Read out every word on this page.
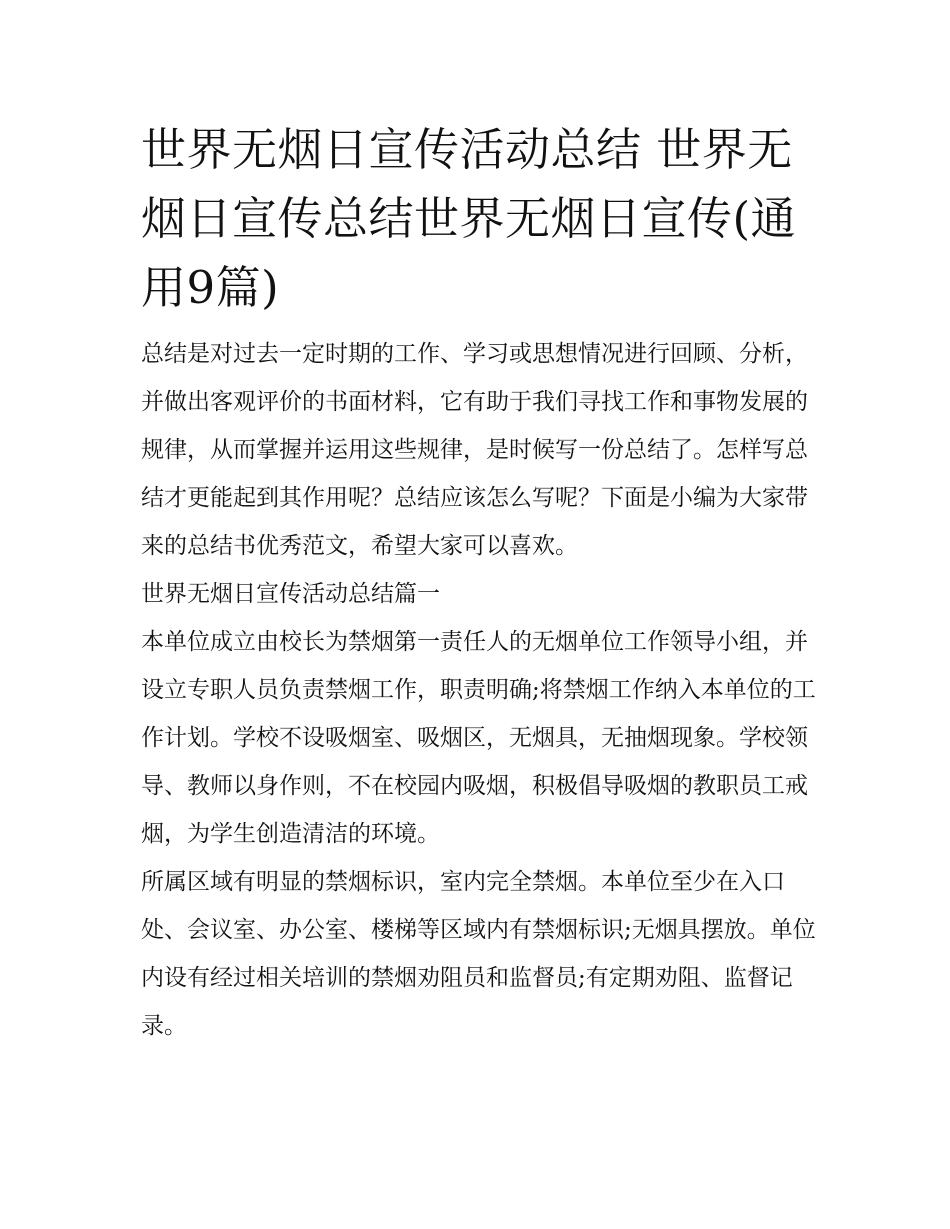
世界无烟日宣传活动总结 世界无烟日宣传总结世界无烟日宣传(通用9篇)

总结是对过去一定时期的工作、学习或思想情况进行回顾、分析，并做出客观评价的书面材料，它有助于我们寻找工作和事物发展的规律，从而掌握并运用这些规律，是时候写一份总结了。怎样写总结才更能起到其作用呢？总结应该怎么写呢？下面是小编为大家带来的总结书优秀范文，希望大家可以喜欢。

世界无烟日宣传活动总结篇一

本单位成立由校长为禁烟第一责任人的无烟单位工作领导小组，并设立专职人员负责禁烟工作，职责明确;将禁烟工作纳入本单位的工作计划。学校不设吸烟室、吸烟区，无烟具，无抽烟现象。学校领导、教师以身作则，不在校园内吸烟，积极倡导吸烟的教职员工戒烟，为学生创造清洁的环境。

所属区域有明显的禁烟标识，室内完全禁烟。本单位至少在入口处、会议室、办公室、楼梯等区域内有禁烟标识;无烟具摆放。单位内设有经过相关培训的禁烟劝阻员和监督员;有定期劝阻、监督记录。
